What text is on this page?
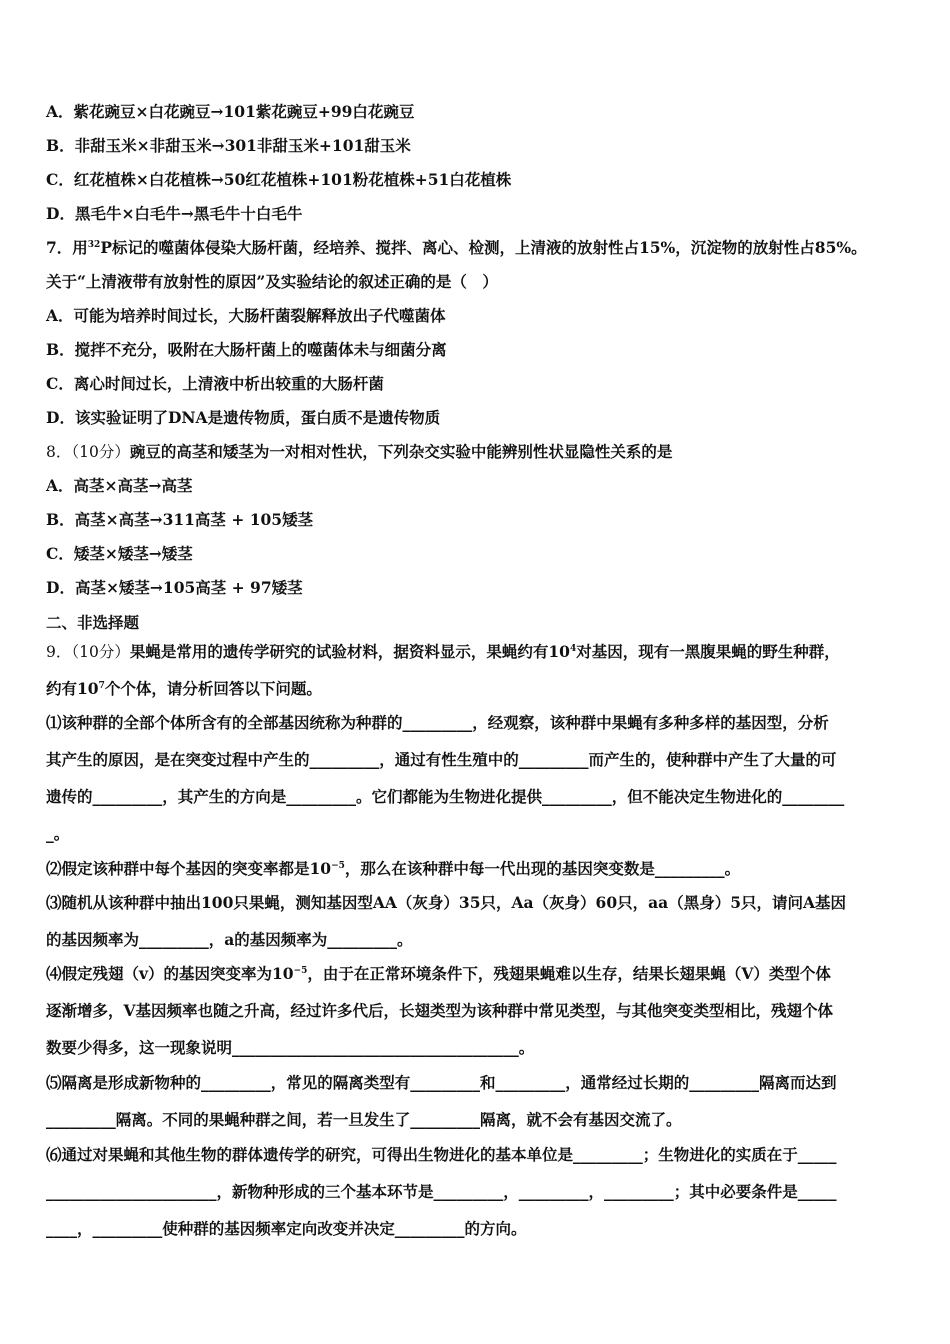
A．紫花豌豆×白花豌豆→101紫花豌豆+99白花豌豆
B．非甜玉米×非甜玉米→301非甜玉米+101甜玉米
C．红花植株×白花植株→50红花植株+101粉花植株+51白花植株
D．黑毛牛×白毛牛→黑毛牛十白毛牛
7．用$^{32}$P标记的噬菌体侵染大肠杆菌，经培养、搅拌、离心、检测，上清液的放射性占15%，沉淀物的放射性占85%。
关于“上清液带有放射性的原因”及实验结论的叙述正确的是（　）
A．可能为培养时间过长，大肠杆菌裂解释放出子代噬菌体
B．搅拌不充分，吸附在大肠杆菌上的噬菌体未与细菌分离
C．离心时间过长，上清液中析出较重的大肠杆菌
D．该实验证明了DNA是遗传物质，蛋白质不是遗传物质
8．（10分）豌豆的高茎和矮茎为一对相对性状，下列杂交实验中能辨别性状显隐性关系的是
A．高茎×高茎→高茎
B．高茎×高茎→311高茎 + 105矮茎
C．矮茎×矮茎→矮茎
D．高茎×矮茎→105高茎 + 97矮茎
二、非选择题
9．（10分）果蝇是常用的遗传学研究的试验材料，据资料显示，果蝇约有$10^4$对基因，现有一黑腹果蝇的野生种群，
约有$10^7$个个体，请分析回答以下问题。
⑴该种群的全部个体所含有的全部基因统称为种群的_________，经观察，该种群中果蝇有多种多样的基因型，分析
其产生的原因，是在突变过程中产生的_________，通过有性生殖中的_________而产生的，使种群中产生了大量的可
遗传的_________，其产生的方向是_________。它们都能为生物进化提供_________，但不能决定生物进化的________
_。
⑵假定该种群中每个基因的突变率都是$10^{-5}$，那么在该种群中每一代出现的基因突变数是_________。
⑶随机从该种群中抽出100只果蝇，测知基因型AA（灰身）35只，Aa（灰身）60只，aa（黑身）5只，请问A基因
的基因频率为_________，a的基因频率为_________。
⑷假定残翅（v）的基因突变率为$10^{-5}$，由于在正常环境条件下，残翅果蝇难以生存，结果长翅果蝇（V）类型个体
逐渐增多，V基因频率也随之升高，经过许多代后，长翅类型为该种群中常见类型，与其他突变类型相比，残翅个体
数要少得多，这一现象说明_____________________________________。
⑸隔离是形成新物种的_________，常见的隔离类型有_________和_________，通常经过长期的_________隔离而达到
_________隔离。不同的果蝇种群之间，若一旦发生了_________隔离，就不会有基因交流了。
⑹通过对果蝇和其他生物的群体遗传学的研究，可得出生物进化的基本单位是_________；生物进化的实质在于_____
______________________，新物种形成的三个基本环节是_________，_________，_________；其中必要条件是_____
____，_________使种群的基因频率定向改变并决定_________的方向。
